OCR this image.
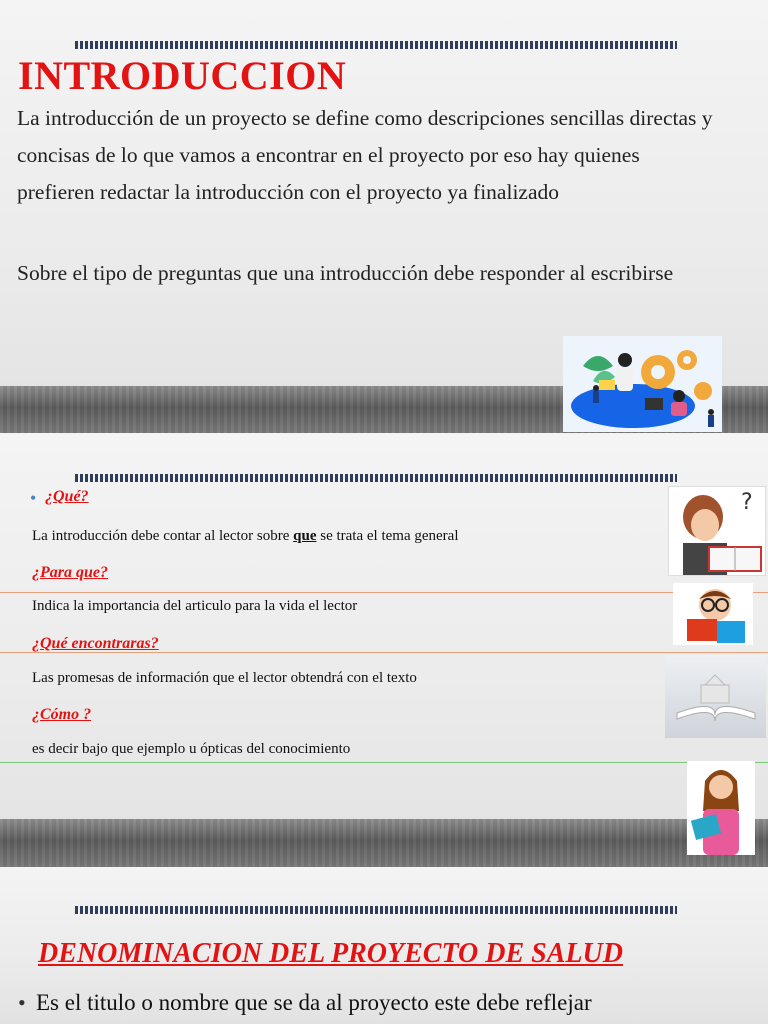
INTRODUCCION

La introducción de un proyecto se define como descripciones sencillas directas y concisas de lo que vamos a encontrar en el proyecto por eso hay quienes prefieren redactar la introducción con el proyecto ya finalizado

Sobre el tipo de preguntas que una introducción debe responder al escribirse

• ¿Qué?
La introducción debe contar al lector sobre que se trata el tema general
¿Para que?
Indica la importancia del articulo para la vida el lector
¿Qué encontraras?
Las promesas de información que el lector obtendrá con el texto
¿Cómo ?
es decir bajo que ejemplo u ópticas del conocimiento
?
DENOMINACION DEL PROYECTO DE SALUD
• Es el titulo o nombre que se da al proyecto este debe reflejar
